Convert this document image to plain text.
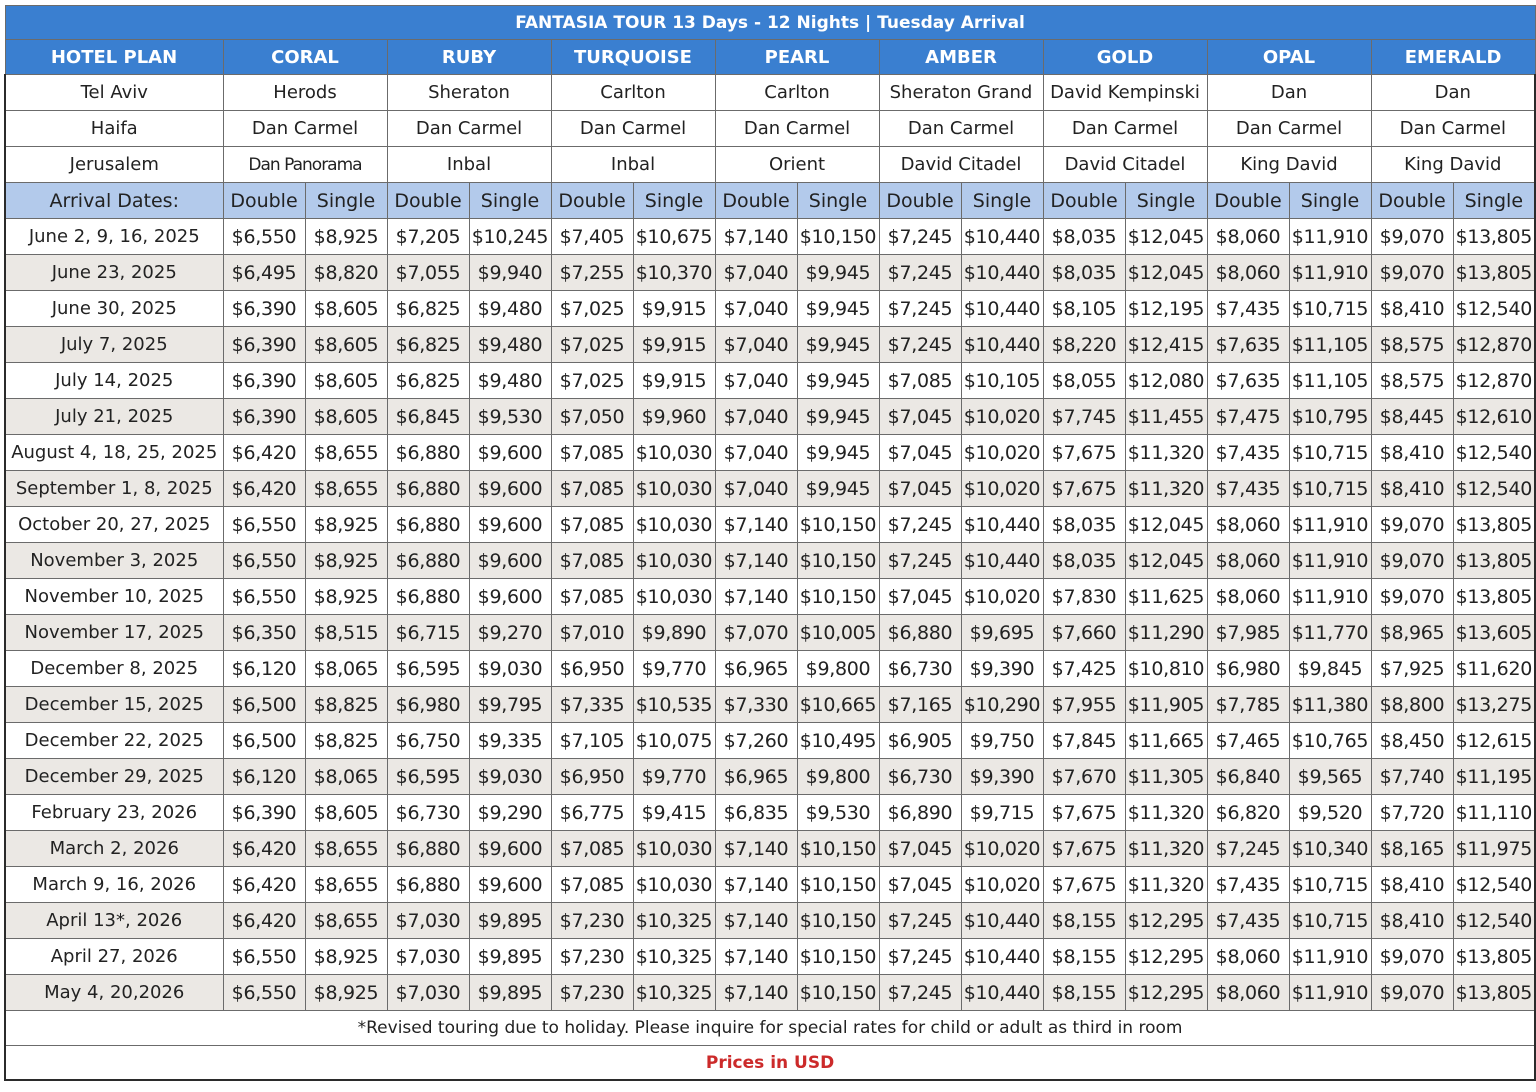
FANTASIA TOUR 13 Days - 12 Nights | Tuesday Arrival																
HOTEL PLAN	CORAL		RUBY		TURQUOISE		PEARL		AMBER		GOLD		OPAL		EMERALD	
Tel Aviv	Herods		Sheraton		Carlton		Carlton		Sheraton Grand		David Kempinski		Dan		Dan	
Haifa	Dan Carmel		Dan Carmel		Dan Carmel		Dan Carmel		Dan Carmel		Dan Carmel		Dan Carmel		Dan Carmel	
Jerusalem	Dan Panorama		Inbal		Inbal		Orient		David Citadel		David Citadel		King David		King David	
Arrival Dates:	Double	Single	Double	Single	Double	Single	Double	Single	Double	Single	Double	Single	Double	Single	Double	Single
June 2, 9, 16, 2025	$6,550	$8,925	$7,205	$10,245	$7,405	$10,675	$7,140	$10,150	$7,245	$10,440	$8,035	$12,045	$8,060	$11,910	$9,070	$13,805
June 23, 2025	$6,495	$8,820	$7,055	$9,940	$7,255	$10,370	$7,040	$9,945	$7,245	$10,440	$8,035	$12,045	$8,060	$11,910	$9,070	$13,805
June 30, 2025	$6,390	$8,605	$6,825	$9,480	$7,025	$9,915	$7,040	$9,945	$7,245	$10,440	$8,105	$12,195	$7,435	$10,715	$8,410	$12,540
July 7, 2025	$6,390	$8,605	$6,825	$9,480	$7,025	$9,915	$7,040	$9,945	$7,245	$10,440	$8,220	$12,415	$7,635	$11,105	$8,575	$12,870
July 14, 2025	$6,390	$8,605	$6,825	$9,480	$7,025	$9,915	$7,040	$9,945	$7,085	$10,105	$8,055	$12,080	$7,635	$11,105	$8,575	$12,870
July 21, 2025	$6,390	$8,605	$6,845	$9,530	$7,050	$9,960	$7,040	$9,945	$7,045	$10,020	$7,745	$11,455	$7,475	$10,795	$8,445	$12,610
August 4, 18, 25, 2025	$6,420	$8,655	$6,880	$9,600	$7,085	$10,030	$7,040	$9,945	$7,045	$10,020	$7,675	$11,320	$7,435	$10,715	$8,410	$12,540
September 1, 8, 2025	$6,420	$8,655	$6,880	$9,600	$7,085	$10,030	$7,040	$9,945	$7,045	$10,020	$7,675	$11,320	$7,435	$10,715	$8,410	$12,540
October 20, 27, 2025	$6,550	$8,925	$6,880	$9,600	$7,085	$10,030	$7,140	$10,150	$7,245	$10,440	$8,035	$12,045	$8,060	$11,910	$9,070	$13,805
November 3, 2025	$6,550	$8,925	$6,880	$9,600	$7,085	$10,030	$7,140	$10,150	$7,245	$10,440	$8,035	$12,045	$8,060	$11,910	$9,070	$13,805
November 10, 2025	$6,550	$8,925	$6,880	$9,600	$7,085	$10,030	$7,140	$10,150	$7,045	$10,020	$7,830	$11,625	$8,060	$11,910	$9,070	$13,805
November 17, 2025	$6,350	$8,515	$6,715	$9,270	$7,010	$9,890	$7,070	$10,005	$6,880	$9,695	$7,660	$11,290	$7,985	$11,770	$8,965	$13,605
December 8, 2025	$6,120	$8,065	$6,595	$9,030	$6,950	$9,770	$6,965	$9,800	$6,730	$9,390	$7,425	$10,810	$6,980	$9,845	$7,925	$11,620
December 15, 2025	$6,500	$8,825	$6,980	$9,795	$7,335	$10,535	$7,330	$10,665	$7,165	$10,290	$7,955	$11,905	$7,785	$11,380	$8,800	$13,275
December 22, 2025	$6,500	$8,825	$6,750	$9,335	$7,105	$10,075	$7,260	$10,495	$6,905	$9,750	$7,845	$11,665	$7,465	$10,765	$8,450	$12,615
December 29, 2025	$6,120	$8,065	$6,595	$9,030	$6,950	$9,770	$6,965	$9,800	$6,730	$9,390	$7,670	$11,305	$6,840	$9,565	$7,740	$11,195
February 23, 2026	$6,390	$8,605	$6,730	$9,290	$6,775	$9,415	$6,835	$9,530	$6,890	$9,715	$7,675	$11,320	$6,820	$9,520	$7,720	$11,110
March 2, 2026	$6,420	$8,655	$6,880	$9,600	$7,085	$10,030	$7,140	$10,150	$7,045	$10,020	$7,675	$11,320	$7,245	$10,340	$8,165	$11,975
March 9, 16, 2026	$6,420	$8,655	$6,880	$9,600	$7,085	$10,030	$7,140	$10,150	$7,045	$10,020	$7,675	$11,320	$7,435	$10,715	$8,410	$12,540
April 13*, 2026	$6,420	$8,655	$7,030	$9,895	$7,230	$10,325	$7,140	$10,150	$7,245	$10,440	$8,155	$12,295	$7,435	$10,715	$8,410	$12,540
April 27, 2026	$6,550	$8,925	$7,030	$9,895	$7,230	$10,325	$7,140	$10,150	$7,245	$10,440	$8,155	$12,295	$8,060	$11,910	$9,070	$13,805
May 4, 20,2026	$6,550	$8,925	$7,030	$9,895	$7,230	$10,325	$7,140	$10,150	$7,245	$10,440	$8,155	$12,295	$8,060	$11,910	$9,070	$13,805
*Revised touring due to holiday. Please inquire for special rates for child or adult as third in room																
Prices in USD																
